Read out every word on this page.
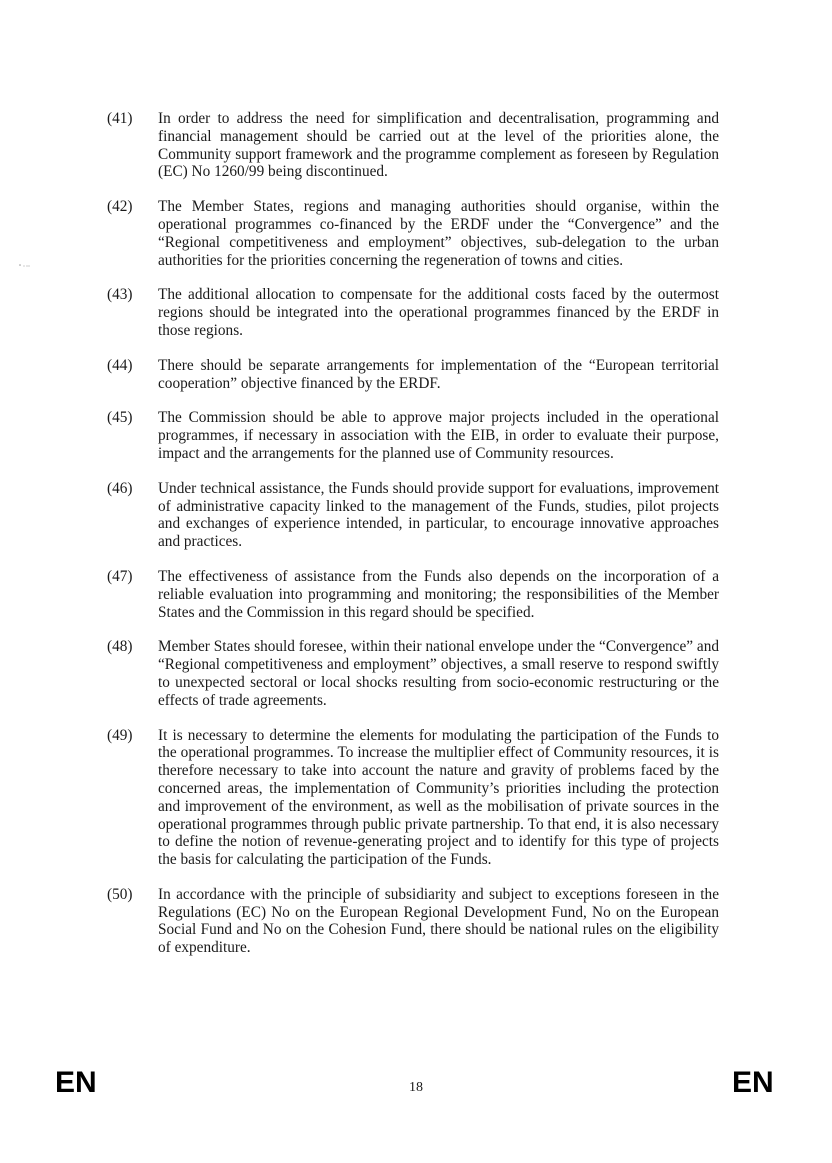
(41)	In order to address the need for simplification and decentralisation, programming and financial management should be carried out at the level of the priorities alone, the Community support framework and the programme complement as foreseen by Regulation (EC) No 1260/99 being discontinued.
(42)	The Member States, regions and managing authorities should organise, within the operational programmes co-financed by the ERDF under the “Convergence” and the “Regional competitiveness and employment” objectives, sub-delegation to the urban authorities for the priorities concerning the regeneration of towns and cities.
(43)	The additional allocation to compensate for the additional costs faced by the outermost regions should be integrated into the operational programmes financed by the ERDF in those regions.
(44)	There should be separate arrangements for implementation of the “European territorial cooperation” objective financed by the ERDF.
(45)	The Commission should be able to approve major projects included in the operational programmes, if necessary in association with the EIB, in order to evaluate their purpose, impact and the arrangements for the planned use of Community resources.
(46)	Under technical assistance, the Funds should provide support for evaluations, improvement of administrative capacity linked to the management of the Funds, studies, pilot projects and exchanges of experience intended, in particular, to encourage innovative approaches and practices.
(47)	The effectiveness of assistance from the Funds also depends on the incorporation of a reliable evaluation into programming and monitoring; the responsibilities of the Member States and the Commission in this regard should be specified.
(48)	Member States should foresee, within their national envelope under the “Convergence” and “Regional competitiveness and employment” objectives, a small reserve to respond swiftly to unexpected sectoral or local shocks resulting from socio-economic restructuring or the effects of trade agreements.
(49)	It is necessary to determine the elements for modulating the participation of the Funds to the operational programmes. To increase the multiplier effect of Community resources, it is therefore necessary to take into account the nature and gravity of problems faced by the concerned areas, the implementation of Community’s priorities including the protection and improvement of the environment, as well as the mobilisation of private sources in the operational programmes through public private partnership. To that end, it is also necessary to define the notion of revenue-generating project and to identify for this type of projects the basis for calculating the participation of the Funds.
(50)	In accordance with the principle of subsidiarity and subject to exceptions foreseen in the Regulations (EC) No on the European Regional Development Fund, No on the European Social Fund and No on the Cohesion Fund, there should be national rules on the eligibility of expenditure.
EN	18	EN
